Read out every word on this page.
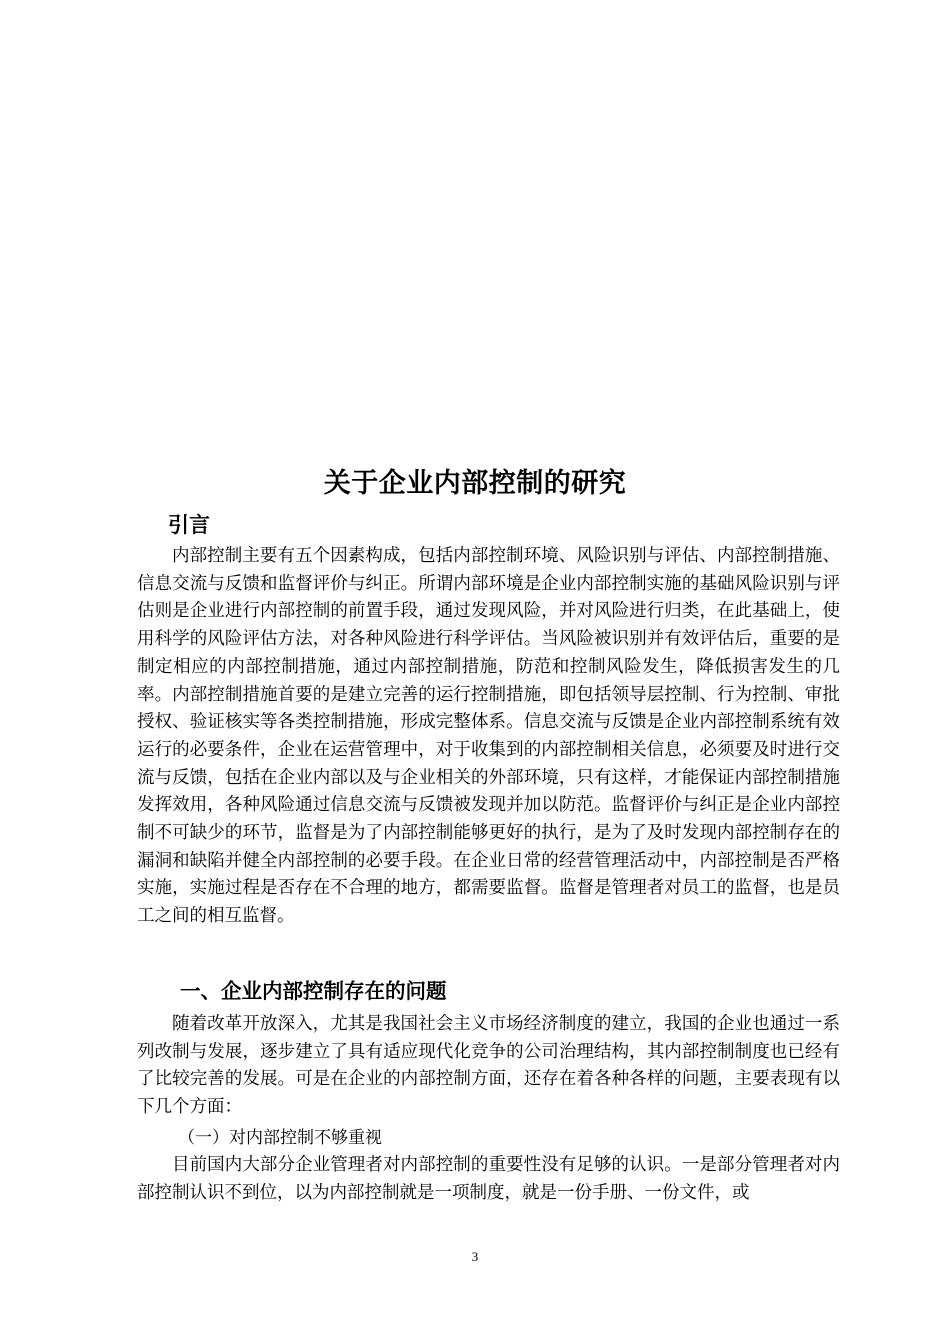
关于企业内部控制的研究
引言

内部控制主要有五个因素构成，包括内部控制环境、风险识别与评估、内部控制措施、信息交流与反馈和监督评价与纠正。所谓内部环境是企业内部控制实施的基础风险识别与评估则是企业进行内部控制的前置手段，通过发现风险，并对风险进行归类，在此基础上，使用科学的风险评估方法，对各种风险进行科学评估。当风险被识别并有效评估后，重要的是制定相应的内部控制措施，通过内部控制措施，防范和控制风险发生，降低损害发生的几率。内部控制措施首要的是建立完善的运行控制措施，即包括领导层控制、行为控制、审批授权、验证核实等各类控制措施，形成完整体系。信息交流与反馈是企业内部控制系统有效运行的必要条件，企业在运营管理中，对于收集到的内部控制相关信息，必须要及时进行交流与反馈，包括在企业内部以及与企业相关的外部环境，只有这样，才能保证内部控制措施发挥效用，各种风险通过信息交流与反馈被发现并加以防范。监督评价与纠正是企业内部控制不可缺少的环节，监督是为了内部控制能够更好的执行，是为了及时发现内部控制存在的漏洞和缺陷并健全内部控制的必要手段。在企业日常的经营管理活动中，内部控制是否严格实施，实施过程是否存在不合理的地方，都需要监督。监督是管理者对员工的监督，也是员工之间的相互监督。

一、企业内部控制存在的问题

随着改革开放深入，尤其是我国社会主义市场经济制度的建立，我国的企业也通过一系列改制与发展，逐步建立了具有适应现代化竞争的公司治理结构，其内部控制制度也已经有了比较完善的发展。可是在企业的内部控制方面，还存在着各种各样的问题，主要表现有以下几个方面：

（一）对内部控制不够重视

目前国内大部分企业管理者对内部控制的重要性没有足够的认识。一是部分管理者对内部控制认识不到位，以为内部控制就是一项制度，就是一份手册、一份文件，或

3
